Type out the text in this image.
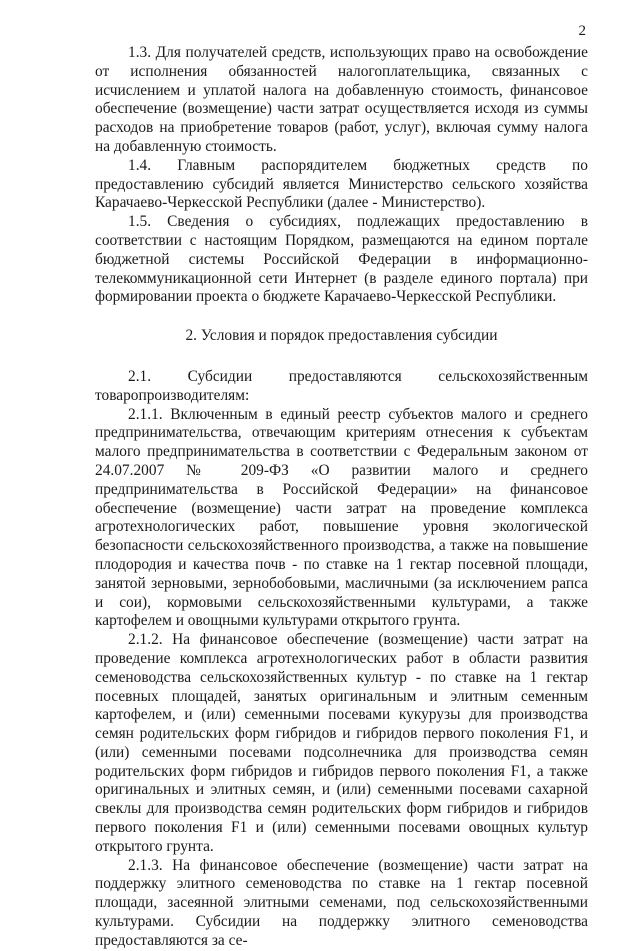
2

1.3. Для получателей средств, использующих право на освобождение от исполнения обязанностей налогоплательщика, связанных с исчислением и уплатой налога на добавленную стоимость, финансовое обеспечение (возмещение) части затрат осуществляется исходя из суммы расходов на приобретение товаров (работ, услуг), включая сумму налога на добавленную стоимость.

1.4. Главным распорядителем бюджетных средств по предоставлению субсидий является Министерство сельского хозяйства Карачаево-Черкесской Республики (далее - Министерство).

1.5. Сведения о субсидиях, подлежащих предоставлению в соответствии с настоящим Порядком, размещаются на едином портале бюджетной системы Российской Федерации в информационно-телекоммуникационной сети Интернет (в разделе единого портала) при формировании проекта о бюджете Карачаево-Черкесской Республики.

2. Условия и порядок предоставления субсидии

2.1. Субсидии предоставляются сельскохозяйственным товаропроизводителям:

2.1.1. Включенным в единый реестр субъектов малого и среднего предпринимательства, отвечающим критериям отнесения к субъектам малого предпринимательства в соответствии с Федеральным законом от 24.07.2007 № 209-ФЗ «О развитии малого и среднего предпринимательства в Российской Федерации» на финансовое обеспечение (возмещение) части затрат на проведение комплекса агротехнологических работ, повышение уровня экологической безопасности сельскохозяйственного производства, а также на повышение плодородия и качества почв - по ставке на 1 гектар посевной площади, занятой зерновыми, зернобобовыми, масличными (за исключением рапса и сои), кормовыми сельскохозяйственными культурами, а также картофелем и овощными культурами открытого грунта.

2.1.2. На финансовое обеспечение (возмещение) части затрат на проведение комплекса агротехнологических работ в области развития семеноводства сельскохозяйственных культур - по ставке на 1 гектар посевных площадей, занятых оригинальным и элитным семенным картофелем, и (или) семенными посевами кукурузы для производства семян родительских форм гибридов и гибридов первого поколения F1, и (или) семенными посевами подсолнечника для производства семян родительских форм гибридов и гибридов первого поколения F1, а также оригинальных и элитных семян, и (или) семенными посевами сахарной свеклы для производства семян родительских форм гибридов и гибридов первого поколения F1 и (или) семенными посевами овощных культур открытого грунта.

2.1.3. На финансовое обеспечение (возмещение) части затрат на поддержку элитного семеноводства по ставке на 1 гектар посевной площади, засеянной элитными семенами, под сельскохозяйственными культурами. Субсидии на поддержку элитного семеноводства предоставляются за се-
